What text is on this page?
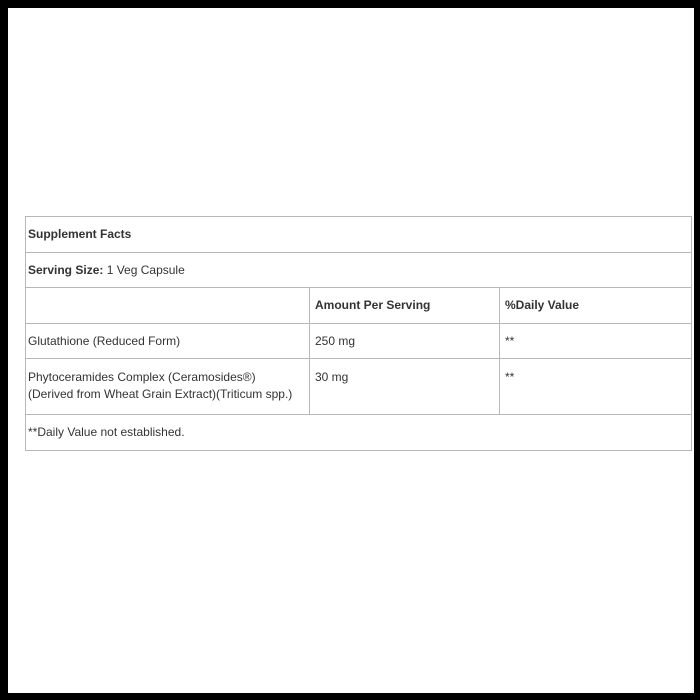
Supplement Facts		
Serving Size: 1 Veg Capsule		
	Amount Per Serving	%Daily Value
Glutathione (Reduced Form)	250 mg	**

Phytoceramides Complex (Ceramosides®)
(Derived from Wheat Grain Extract)(Triticum spp.)	30 mg	**
**Daily Value not established.		
